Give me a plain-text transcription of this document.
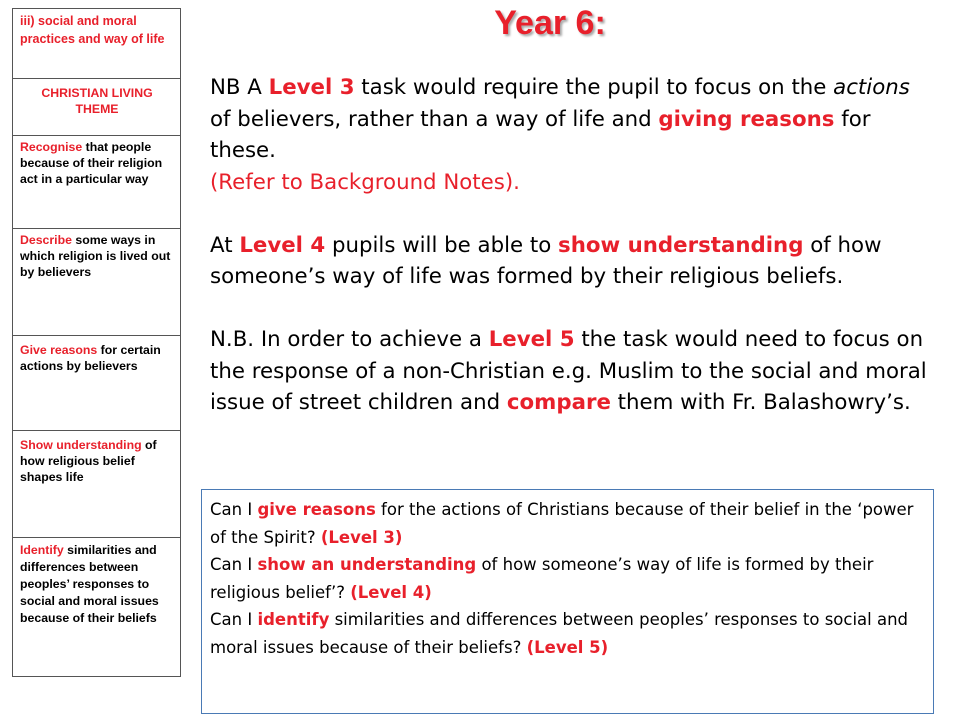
iii) social and moral practices and way of life
CHRISTIAN LIVING THEME
Recognise that people because of their religion act in a particular way
Describe some ways in which religion is lived out by believers
Give reasons for certain actions by believers
Show understanding of how religious belief shapes life
Identify similarities and differences between peoples’ responses to social and moral issues because of their beliefs
Year 6:

NB A Level 3 task would require the pupil to focus on the actions of believers, rather than a way of life and giving reasons for these.
(Refer to Background Notes).

At Level 4 pupils will be able to show understanding of how someone’s way of life was formed by their religious beliefs.

N.B. In order to achieve a Level 5 the task would need to focus on the response of a non-Christian e.g. Muslim to the social and moral issue of street children and compare them with Fr. Balashowry’s.

Can I give reasons for the actions of Christians because of their belief in the ‘power of the Spirit? (Level 3)

Can I show an understanding of how someone’s way of life is formed by their religious belief’? (Level 4)

Can I identify similarities and differences between peoples’ responses to social and moral issues because of their beliefs? (Level 5)
